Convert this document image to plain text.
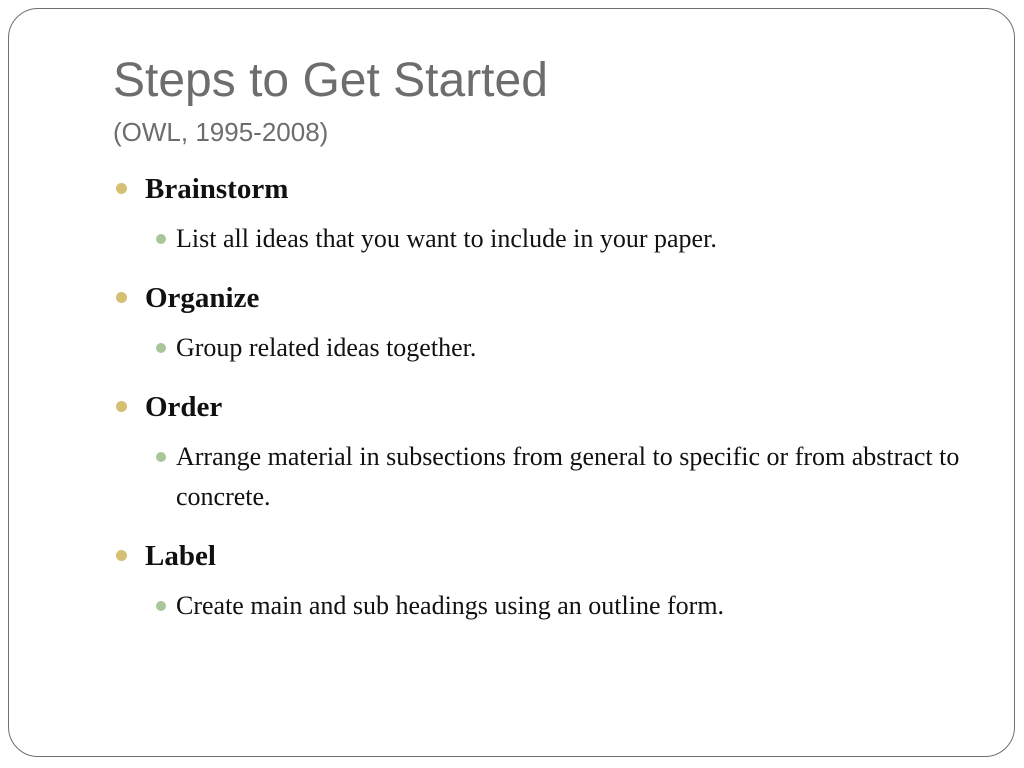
Steps to Get Started
(OWL, 1995-2008)
Brainstorm
List all ideas that you want to include in your paper.
Organize
Group related ideas together.
Order
Arrange material in subsections from general to specific or from abstract to concrete.
Label
Create main and sub headings using an outline form.
